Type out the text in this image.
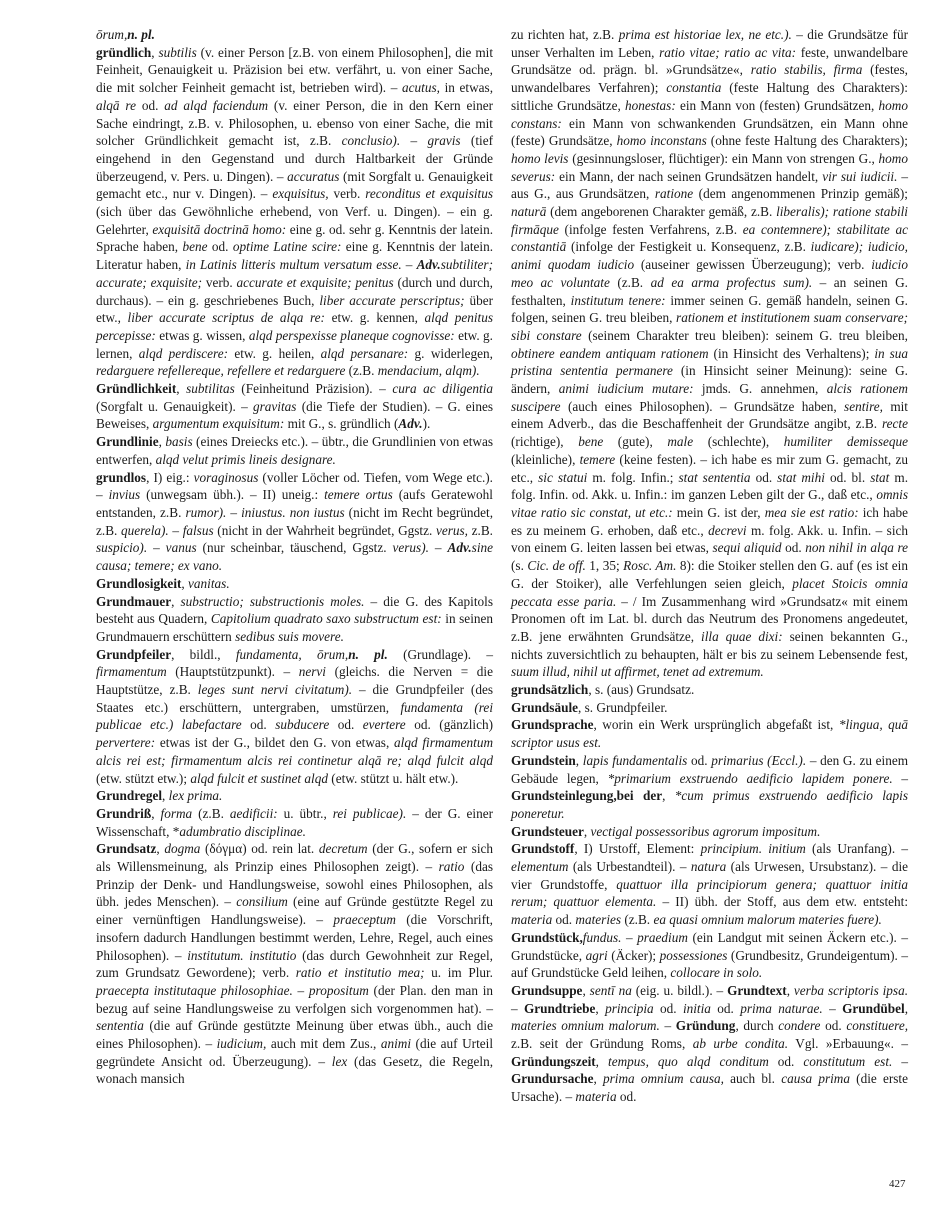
ōrum,n. pl.

gründlich, subtilis (v. einer Person [z.B. von einem Philosophen], die mit Feinheit, Genauigkeit u. Präzision bei etw. verfährt, u. von einer Sache, die mit solcher Feinheit gemacht ist, betrieben wird). – acutus, in etwas, alqā re od. ad alqd faciendum (v. einer Person, die in den Kern einer Sache eindringt, z.B. v. Philosophen, u. ebenso von einer Sache, die mit solcher Gründlichkeit gemacht ist, z.B. conclusio). – gravis (tief eingehend in den Gegenstand und durch Haltbarkeit der Gründe überzeugend, v. Pers. u. Dingen). – accuratus (mit Sorgfalt u. Genauigkeit gemacht etc., nur v. Dingen). – exquisitus, verb. reconditus et exquisitus (sich über das Gewöhnliche erhebend, von Verf. u. Dingen). – ein g. Gelehrter, exquisitā doctrinā homo: eine g. od. sehr g. Kenntnis der latein. Sprache haben, bene od. optime Latine scire: eine g. Kenntnis der latein. Literatur haben, in Latinis litteris multum versatum esse. – Adv.subtiliter; accurate; exquisite; verb. accurate et exquisite; penitus (durch und durch, durchaus). – ein g. geschriebenes Buch, liber accurate perscriptus; über etw., liber accurate scriptus de alqa re: etw. g. kennen, alqd penitus percepisse: etwas g. wissen, alqd perspexisse planeque cognovisse: etw. g. lernen, alqd perdiscere: etw. g. heilen, alqd persanare: g. widerlegen, redarguere refellereque, refellere et redarguere (z.B. mendacium, alqm).

Gründlichkeit, subtilitas (Feinheitund Präzision). – cura ac diligentia (Sorgfalt u. Genauigkeit). – gravitas (die Tiefe der Studien). – G. eines Beweises, argumentum exquisitum: mit G., s. gründlich (Adv.).

Grundlinie, basis (eines Dreiecks etc.). – übtr., die Grundlinien von etwas entwerfen, alqd velut primis lineis designare.

grundlos, I) eig.: voraginosus (voller Löcher od. Tiefen, vom Wege etc.). – invius (unwegsam übh.). – II) uneig.: temere ortus (aufs Geratewohl entstanden, z.B. rumor). – iniustus. non iustus (nicht im Recht begründet, z.B. querela). – falsus (nicht in der Wahrheit begründet, Ggstz. verus, z.B. suspicio). – vanus (nur scheinbar, täuschend, Ggstz. verus). – Adv.sine causa; temere; ex vano.

Grundlosigkeit, vanitas.

Grundmauer, substructio; substructionis moles. – die G. des Kapitols besteht aus Quadern, Capitolium quadrato saxo substructum est: in seinen Grundmauern erschüttern sedibus suis movere.

Grundpfeiler, bildl., fundamenta, ōrum,n. pl. (Grundlage). – firmamentum (Hauptstützpunkt). – nervi (gleichs. die Nerven = die Hauptstütze, z.B. leges sunt nervi civitatum). – die Grundpfeiler (des Staates etc.) erschüttern, untergraben, umstürzen, fundamenta (rei publicae etc.) labefactare od. subducere od. evertere od. (gänzlich) pervertere: etwas ist der G., bildet den G. von etwas, alqd firmamentum alcis rei est; firmamentum alcis rei continetur alqā re; alqd fulcit alqd (etw. stützt etw.); alqd fulcit et sustinet alqd (etw. stützt u. hält etw.).

Grundregel, lex prima.

Grundriß, forma (z.B. aedificii: u. übtr., rei publicae). – der G. einer Wissenschaft, *adumbratio disciplinae.

Grundsatz, dogma (δόγμα) od. rein lat. decretum (der G., sofern er sich als Willensmeinung, als Prinzip eines Philosophen zeigt). – ratio (das Prinzip der Denk- und Handlungsweise, sowohl eines Philosophen, als übh. jedes Menschen). – consilium (eine auf Gründe gestützte Regel zu einer vernünftigen Handlungsweise). – praeceptum (die Vorschrift, insofern dadurch Handlungen bestimmt werden, Lehre, Regel, auch eines Philosophen). – institutum. institutio (das durch Gewohnheit zur Regel, zum Grundsatz Gewordene); verb. ratio et institutio mea; u. im Plur. praecepta institutaque philosophiae. – propositum (der Plan. den man in bezug auf seine Handlungsweise zu verfolgen sich vorgenommen hat). – sententia (die auf Gründe gestützte Meinung über etwas übh., auch die eines Philosophen). – iudicium, auch mit dem Zus., animi (die auf Urteil gegründete Ansicht od. Überzeugung). – lex (das Gesetz, die Regeln, wonach mansich

zu richten hat, z.B. prima est historiae lex, ne etc.). – die Grundsätze für unser Verhalten im Leben, ratio vitae; ratio ac vita: feste, unwandelbare Grundsätze od. prägn. bl. »Grundsätze«, ratio stabilis, firma (festes, unwandelbares Verfahren); constantia (feste Haltung des Charakters): sittliche Grundsätze, honestas: ein Mann von (festen) Grundsätzen, homo constans: ein Mann von schwankenden Grundsätzen, ein Mann ohne (feste) Grundsätze, homo inconstans (ohne feste Haltung des Charakters); homo levis (gesinnungsloser, flüchtiger): ein Mann von strengen G., homo severus: ein Mann, der nach seinen Grundsätzen handelt, vir sui iudicii. – aus G., aus Grundsätzen, ratione (dem angenommenen Prinzip gemäß); naturā (dem angeborenen Charakter gemäß, z.B. liberalis); ratione stabili firmāque (infolge festen Verfahrens, z.B. ea contemnere); stabilitate ac constantiā (infolge der Festigkeit u. Konsequenz, z.B. iudicare); iudicio, animi quodam iudicio (auseiner gewissen Überzeugung); verb. iudicio meo ac voluntate (z.B. ad ea arma profectus sum). – an seinen G. festhalten, institutum tenere: immer seinen G. gemäß handeln, seinen G. folgen, seinen G. treu bleiben, rationem et institutionem suam conservare; sibi constare (seinem Charakter treu bleiben): seinem G. treu bleiben, obtinere eandem antiquam rationem (in Hinsicht des Verhaltens); in sua pristina sententia permanere (in Hinsicht seiner Meinung): seine G. ändern, animi iudicium mutare: jmds. G. annehmen, alcis rationem suscipere (auch eines Philosophen). – Grundsätze haben, sentire, mit einem Adverb., das die Beschaffenheit der Grundsätze angibt, z.B. recte (richtige), bene (gute), male (schlechte), humiliter demisseque (kleinliche), temere (keine festen). – ich habe es mir zum G. gemacht, zu etc., sic statui m. folg. Infin.; stat sententia od. stat mihi od. bl. stat m. folg. Infin. od. Akk. u. Infin.: im ganzen Leben gilt der G., daß etc., omnis vitae ratio sic constat, ut etc.: mein G. ist der, mea sie est ratio: ich habe es zu meinem G. erhoben, daß etc., decrevi m. folg. Akk. u. Infin. – sich von einem G. leiten lassen bei etwas, sequi aliquid od. non nihil in alqa re (s. Cic. de off. 1, 35; Rosc. Am. 8): die Stoiker stellen den G. auf (es ist ein G. der Stoiker), alle Verfehlungen seien gleich, placet Stoicis omnia peccata esse paria. – / Im Zusammenhang wird »Grundsatz« mit einem Pronomen oft im Lat. bl. durch das Neutrum des Pronomens angedeutet, z.B. jene erwähnten Grundsätze, illa quae dixi: seinen bekannten G., nichts zuversichtlich zu behaupten, hält er bis zu seinem Lebensende fest, suum illud, nihil ut affirmet, tenet ad extremum.

grundsätzlich, s. (aus) Grundsatz.

Grundsäule, s. Grundpfeiler.

Grundsprache, worin ein Werk ursprünglich abgefaßt ist, *lingua, quā scriptor usus est.

Grundstein, lapis fundamentalis od. primarius (Eccl.). – den G. zu einem Gebäude legen, *primarium exstruendo aedificio lapidem ponere. – Grundsteinlegung,bei der, *cum primus exstruendo aedificio lapis poneretur.

Grundsteuer, vectigal possessoribus agrorum impositum.

Grundstoff, I) Urstoff, Element: principium. initium (als Uranfang). – elementum (als Urbestandteil). – natura (als Urwesen, Ursubstanz). – die vier Grundstoffe, quattuor illa principiorum genera; quattuor initia rerum; quattuor elementa. – II) übh. der Stoff, aus dem etw. entsteht: materia od. materies (z.B. ea quasi omnium malorum materies fuere).

Grundstück,fundus. – praedium (ein Landgut mit seinen Äckern etc.). – Grundstücke, agri (Äcker); possessiones (Grundbesitz, Grundeigentum). – auf Grundstücke Geld leihen, collocare in solo.

Grundsuppe, sentī na (eig. u. bildl.). – Grundtext, verba scriptoris ipsa. – Grundtriebe, principia od. initia od. prima naturae. – Grundübel, materies omnium malorum. – Gründung, durch condere od. constituere, z.B. seit der Gründung Roms, ab urbe condita. Vgl. »Erbauung«. – Gründungszeit, tempus, quo alqd conditum od. constitutum est. – Grundursache, prima omnium causa, auch bl. causa prima (die erste Ursache). – materia od.

427
